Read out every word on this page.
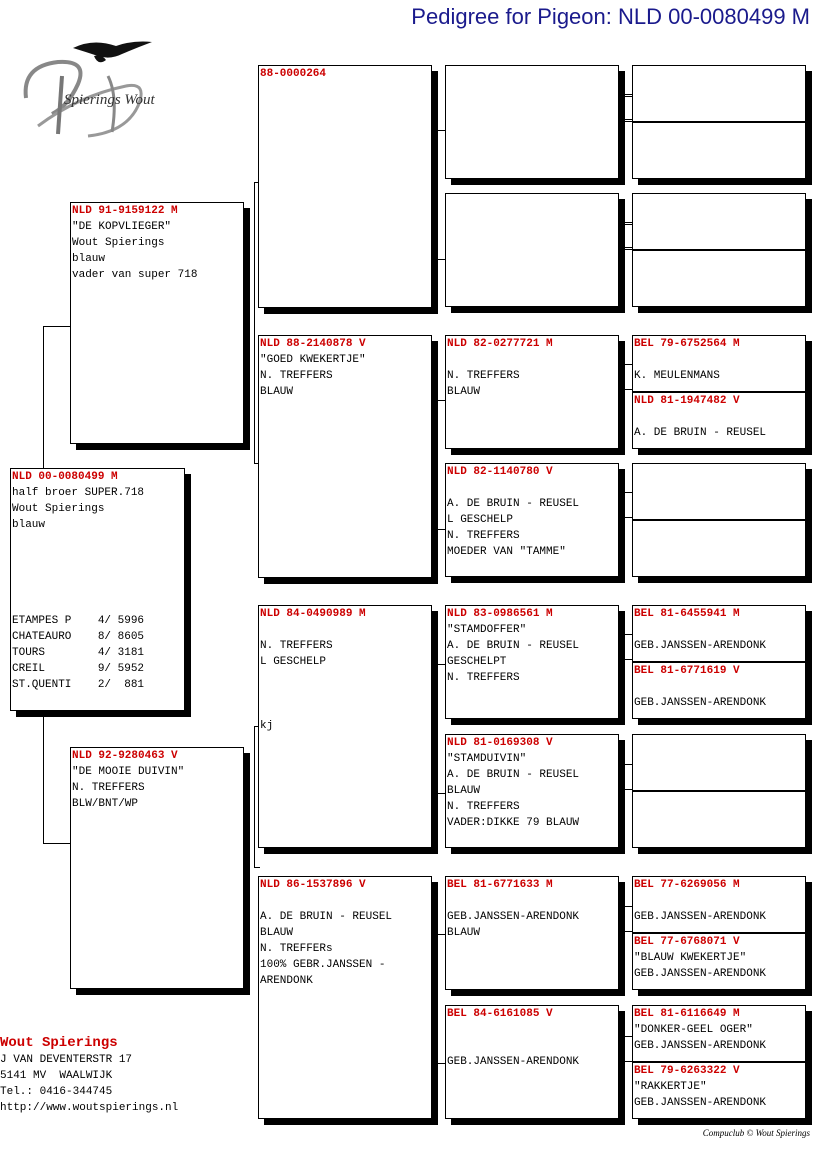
Pedigree for Pigeon: NLD 00-0080499 M
Spierings Wout
NLD 00-0080499 M
half broer SUPER.718
Wout Spierings
blauw
ETAMPES P    4/ 5996
CHATEAURO    8/ 8605
TOURS        4/ 3181
CREIL        9/ 5952
ST.QUENTI    2/  881
NLD 91-9159122 M
"DE KOPVLIEGER"
Wout Spierings
blauw
vader van super 718
NLD 92-9280463 V
"DE MOOIE DUIVIN"
N. TREFFERS
BLW/BNT/WP
88-0000264
NLD 88-2140878 V
"GOED KWEKERTJE"
N. TREFFERS
BLAUW
NLD 84-0490989 M
N. TREFFERS
L GESCHELP
kj
NLD 86-1537896 V
A. DE BRUIN - REUSEL
BLAUW
N. TREFFERs
100% GEBR.JANSSEN -
ARENDONK
NLD 82-0277721 M
N. TREFFERS
BLAUW
NLD 82-1140780 V
A. DE BRUIN - REUSEL
L GESCHELP
N. TREFFERS
MOEDER VAN "TAMME"
NLD 83-0986561 M
"STAMDOFFER"
A. DE BRUIN - REUSEL
GESCHELPT
N. TREFFERS
NLD 81-0169308 V
"STAMDUIVIN"
A. DE BRUIN - REUSEL
BLAUW
N. TREFFERS
VADER:DIKKE 79 BLAUW
BEL 81-6771633 M
GEB.JANSSEN-ARENDONK
BLAUW
BEL 84-6161085 V
GEB.JANSSEN-ARENDONK
BEL 79-6752564 M
K. MEULENMANS
NLD 81-1947482 V
A. DE BRUIN - REUSEL
BEL 81-6455941 M
GEB.JANSSEN-ARENDONK
BEL 81-6771619 V
GEB.JANSSEN-ARENDONK
BEL 77-6269056 M
GEB.JANSSEN-ARENDONK
BEL 77-6768071 V
"BLAUW KWEKERTJE"
GEB.JANSSEN-ARENDONK
BEL 81-6116649 M
"DONKER-GEEL OGER"
GEB.JANSSEN-ARENDONK
BEL 79-6263322 V
"RAKKERTJE"
GEB.JANSSEN-ARENDONK
Wout Spierings
J VAN DEVENTERSTR 17
5141 MV  WAALWIJK
Tel.: 0416-344745
http://www.woutspierings.nl
Compuclub © Wout Spierings
